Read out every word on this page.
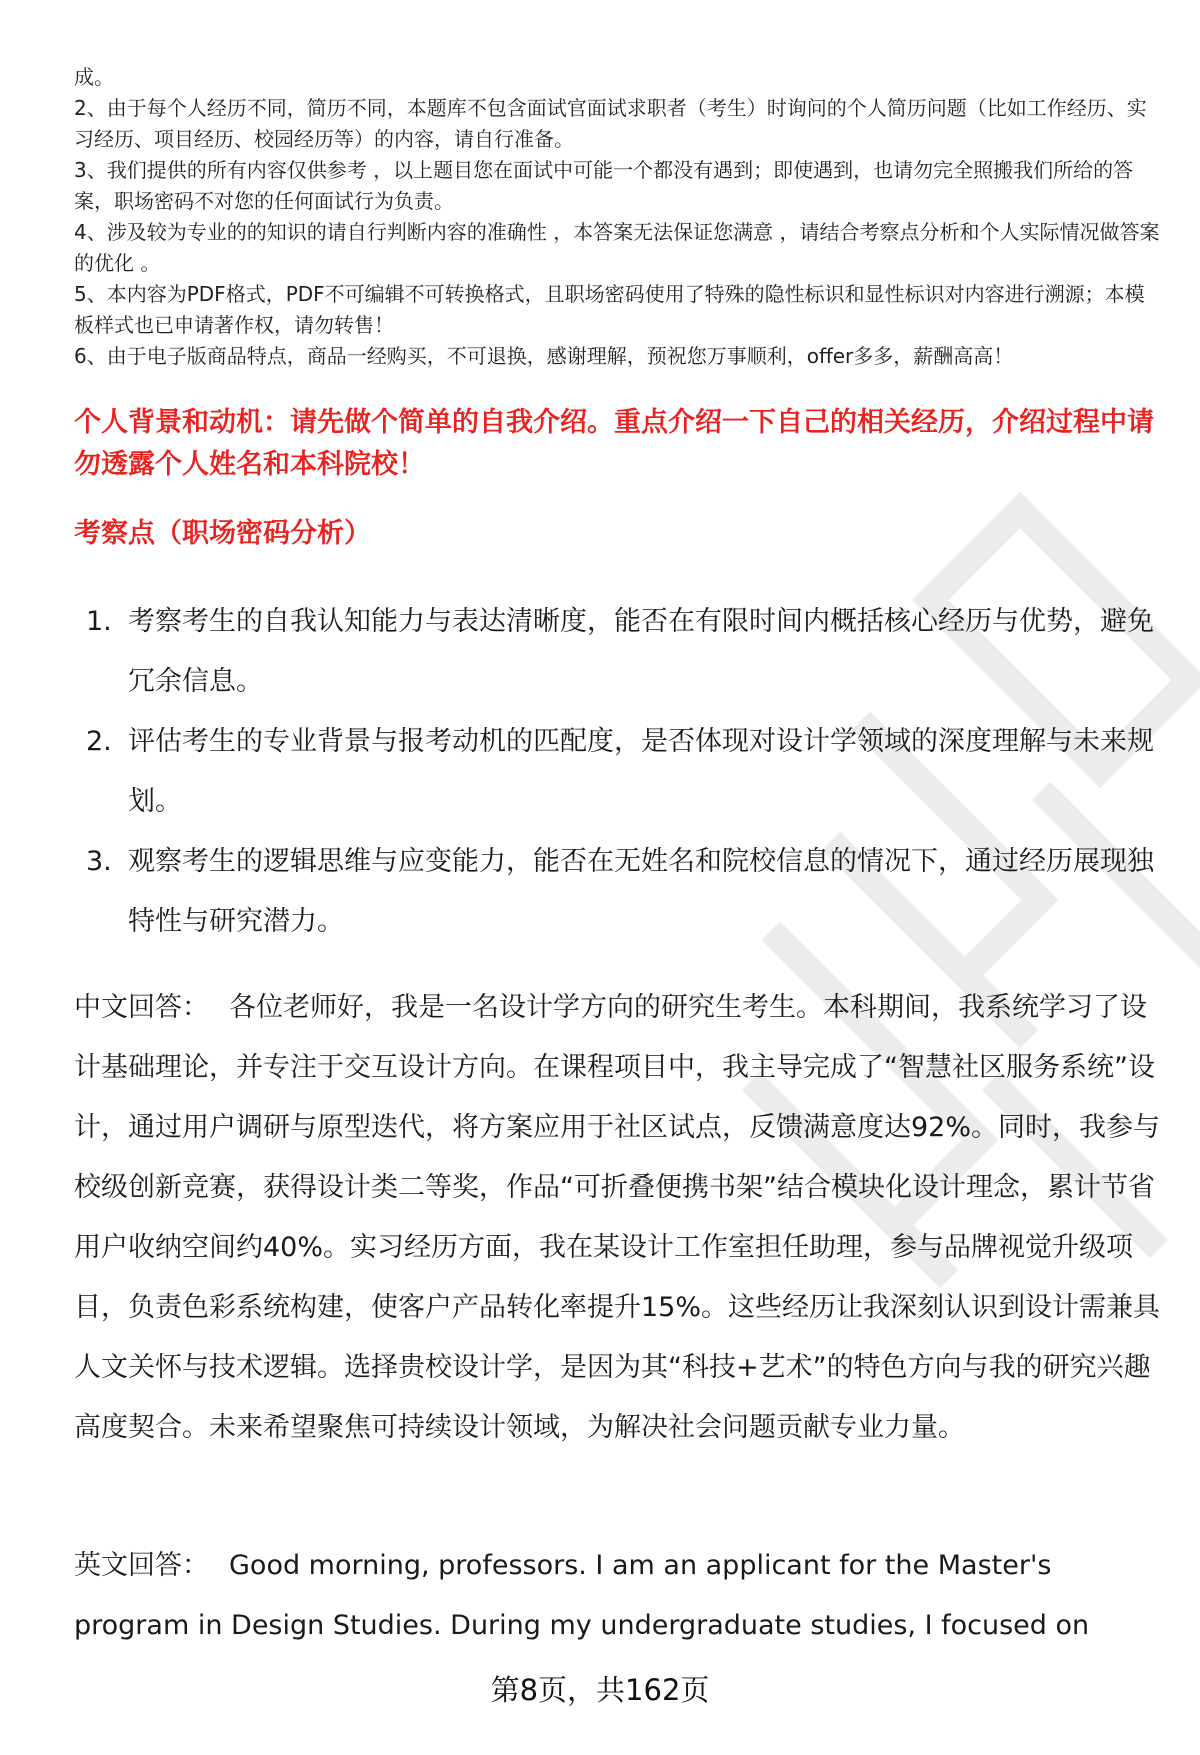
成。

2、由于每个人经历不同，简历不同，本题库不包含面试官面试求职者（考生）时询问的个人简历问题（比如工作经历、实习经历、项目经历、校园经历等）的内容，请自行准备。

3、我们提供的所有内容仅供参考 ，以上题目您在面试中可能一个都没有遇到；即使遇到，也请勿完全照搬我们所给的答案，职场密码不对您的任何面试行为负责。

4、涉及较为专业的的知识的请自行判断内容的准确性 ，本答案无法保证您满意 ，请结合考察点分析和个人实际情况做答案的优化 。

5、本内容为PDF格式，PDF不可编辑不可转换格式，且职场密码使用了特殊的隐性标识和显性标识对内容进行溯源；本模板样式也已申请著作权，请勿转售！

6、由于电子版商品特点，商品一经购买，不可退换，感谢理解，预祝您万事顺利，offer多多，薪酬高高！

个人背景和动机：请先做个简单的自我介绍。重点介绍一下自己的相关经历，介绍过程中请勿透露个人姓名和本科院校！
考察点（职场密码分析）
1. 考察考生的自我认知能力与表达清晰度，能否在有限时间内概括核心经历与优势，避免冗余信息。
2. 评估考生的专业背景与报考动机的匹配度，是否体现对设计学领域的深度理解与未来规划。
3. 观察考生的逻辑思维与应变能力，能否在无姓名和院校信息的情况下，通过经历展现独特性与研究潜力。

中文回答： 各位老师好，我是一名设计学方向的研究生考生。本科期间，我系统学习了设计基础理论，并专注于交互设计方向。在课程项目中，我主导完成了“智慧社区服务系统”设计，通过用户调研与原型迭代，将方案应用于社区试点，反馈满意度达92%。同时，我参与校级创新竞赛，获得设计类二等奖，作品“可折叠便携书架”结合模块化设计理念，累计节省用户收纳空间约40%。实习经历方面，我在某设计工作室担任助理，参与品牌视觉升级项目，负责色彩系统构建，使客户产品转化率提升15%。这些经历让我深刻认识到设计需兼具人文关怀与技术逻辑。选择贵校设计学，是因为其“科技+艺术”的特色方向与我的研究兴趣高度契合。未来希望聚焦可持续设计领域，为解决社会问题贡献专业力量。

英文回答： Good morning, professors. I am an applicant for the Master's program in Design Studies. During my undergraduate studies, I focused on

第8页，共162页
